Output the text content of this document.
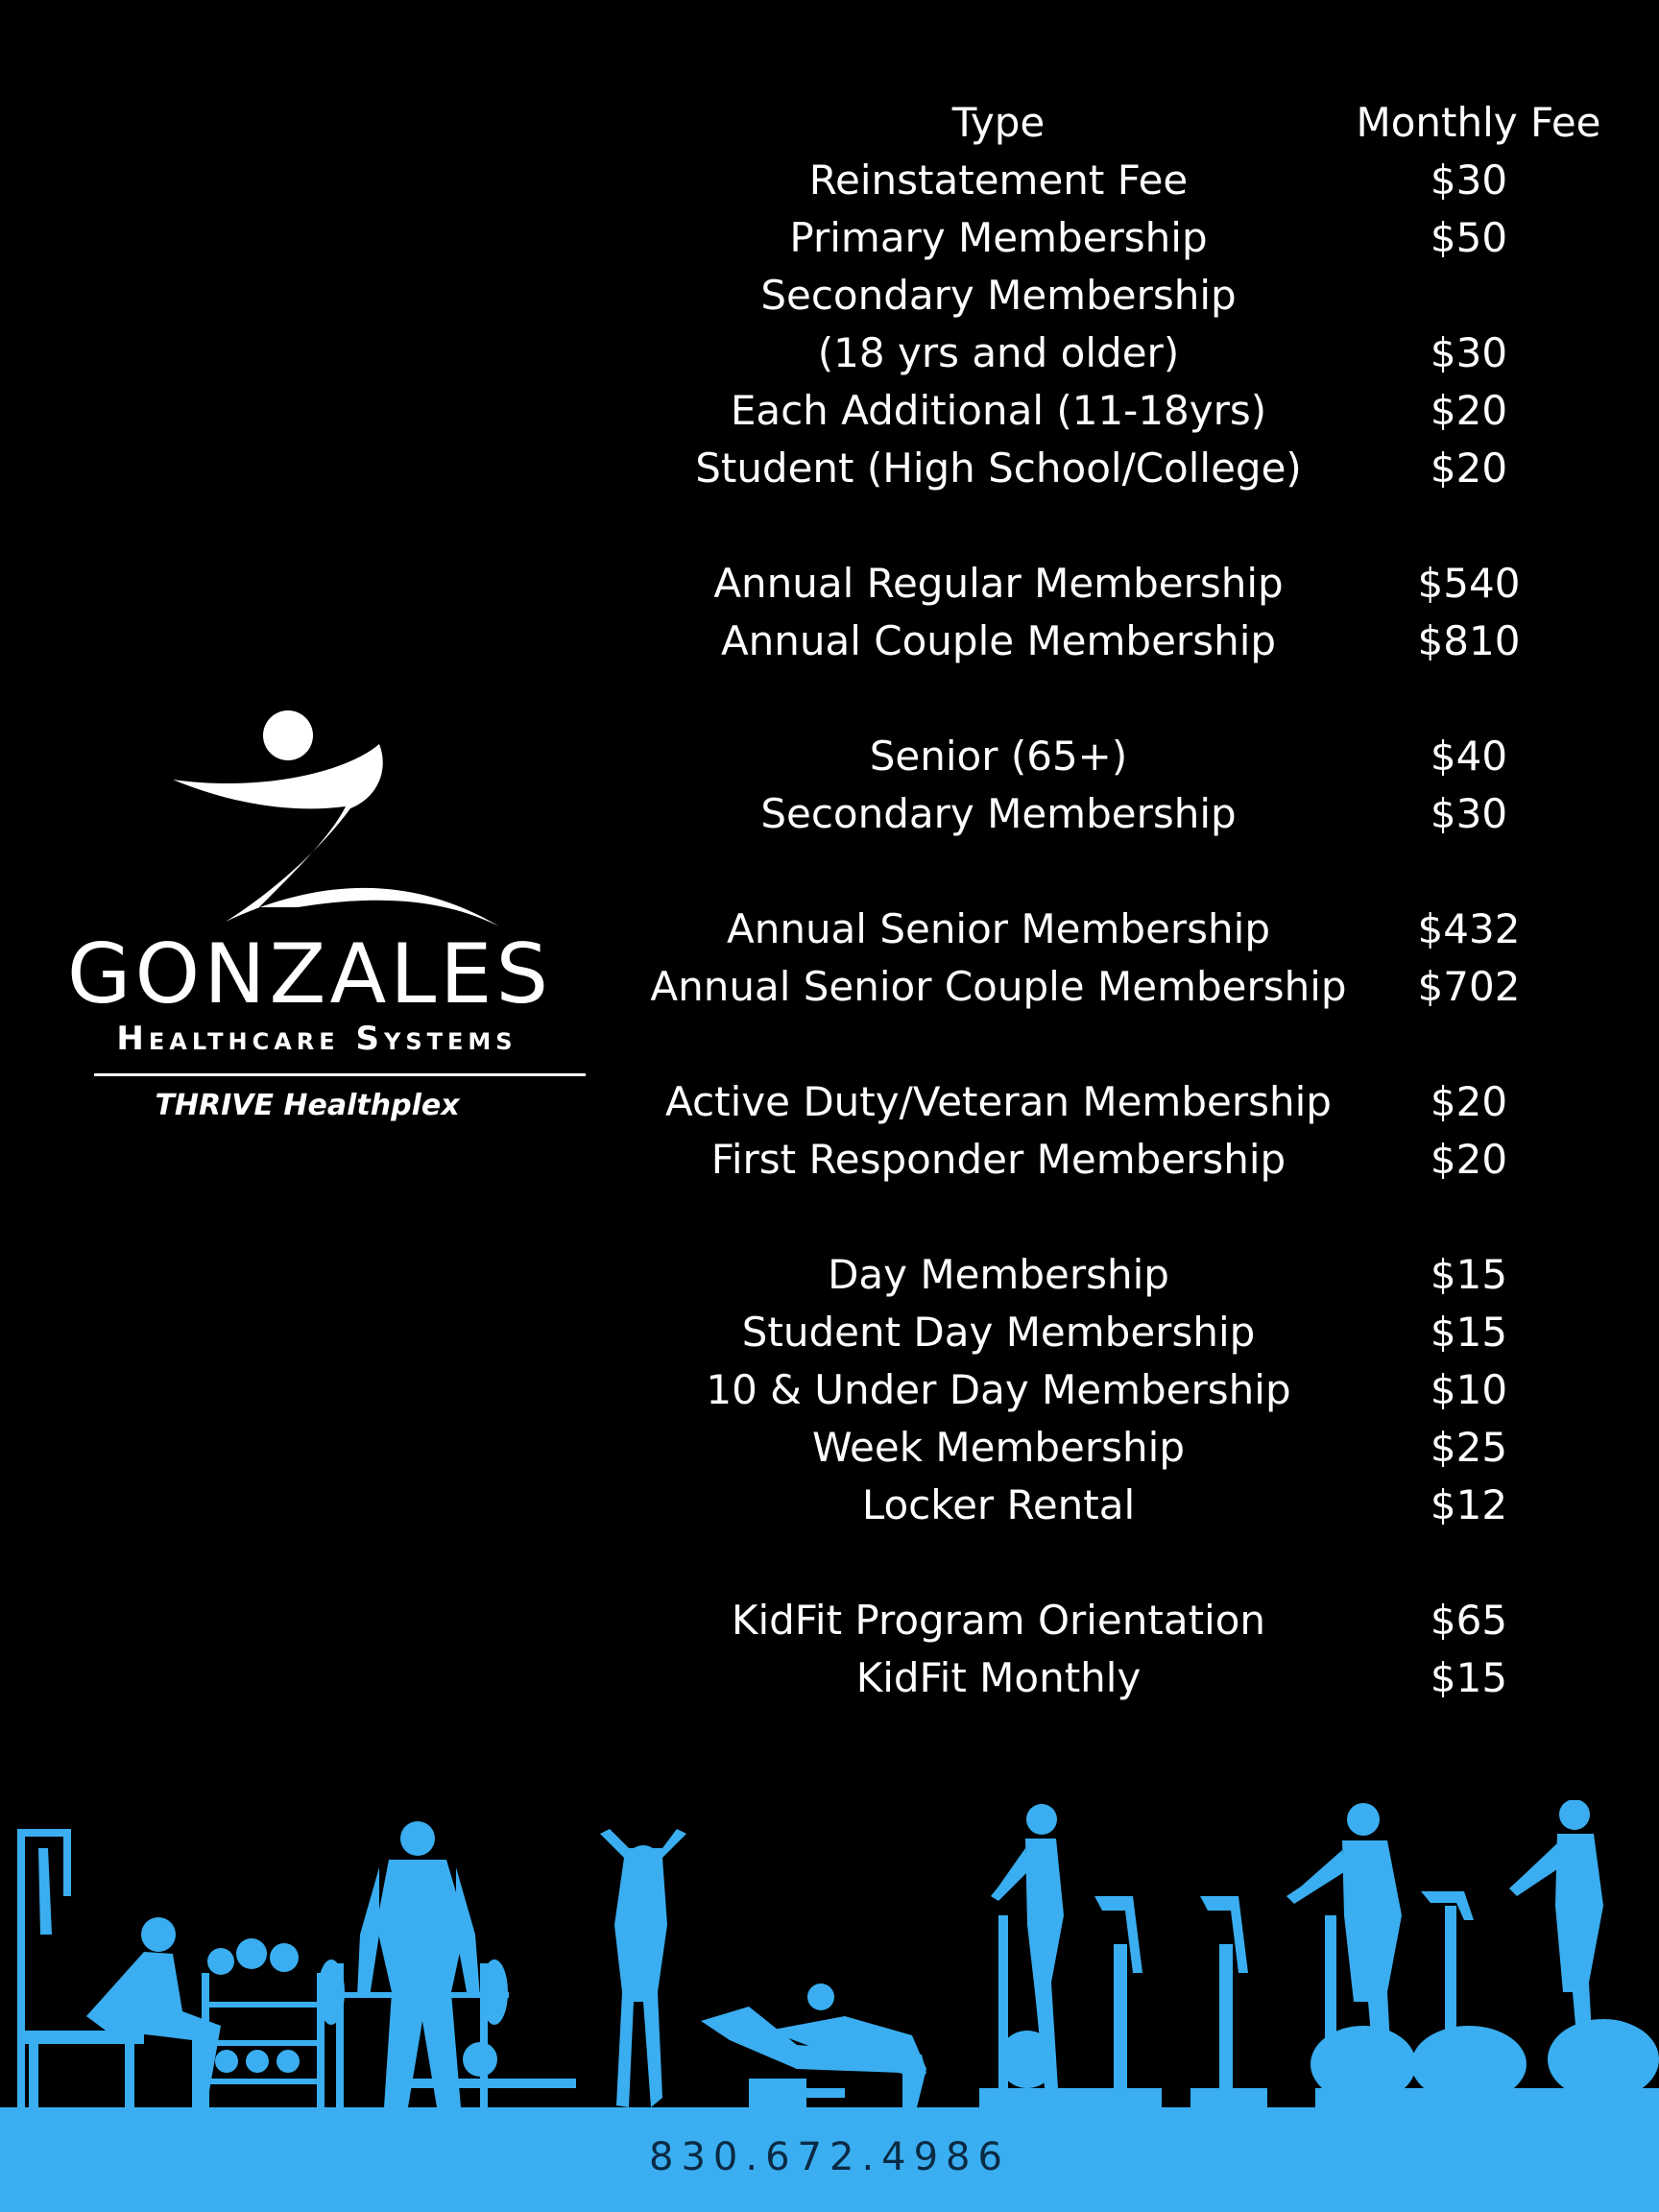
Type	Monthly Fee
Reinstatement Fee	$30
Primary Membership	$50
Secondary Membership
(18 yrs and older)	$30
Each Additional (11-18yrs)	$20
Student (High School/College)	$20
Annual Regular Membership	$540
Annual Couple Membership	$810
Senior (65+)	$40
Secondary Membership	$30
Annual Senior Membership	$432
Annual Senior Couple Membership	$702
Active Duty/Veteran Membership	$20
First Responder Membership	$20
Day Membership	$15
Student Day Membership	$15
10 & Under Day Membership	$10
Week Membership	$25
Locker Rental	$12
KidFit Program Orientation	$65
KidFit Monthly	$15
GONZALES
Healthcare Systems
THRIVE Healthplex
830.672.4986
